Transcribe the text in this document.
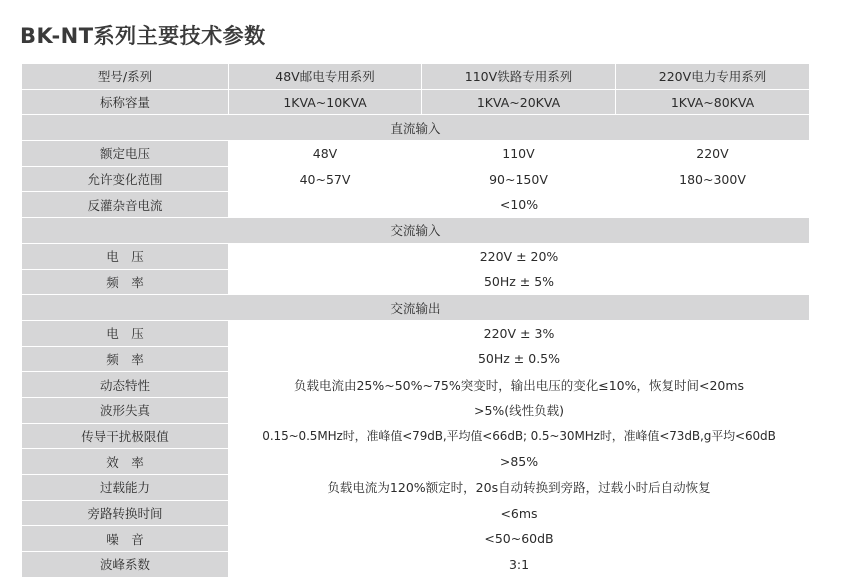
BK-NT系列主要技术参数
型号/系列	48V邮电专用系列	110V铁路专用系列	220V电力专用系列
标称容量	1KVA~10KVA	1KVA~20KVA	1KVA~80KVA
直流输入			
额定电压	48V	110V	220V
允许变化范围	40~57V	90~150V	180~300V
反灌杂音电流	<10%		
交流输入			
电　压	220V ± 20%		
频　率	50Hz ± 5%		
交流输出			
电　压	220V ± 3%		
频　率	50Hz ± 0.5%		
动态特性	负载电流由25%~50%~75%突变时，输出电压的变化≤10%，恢复时间<20ms		
波形失真	>5%(线性负载)		
传导干扰极限值	0.15~0.5MHz时，准峰值<79dB,平均值<66dB; 0.5~30MHz时，准峰值<73dB,g平均<60dB		
效　率	>85%		
过载能力	负载电流为120%额定时，20s自动转换到旁路，过载小时后自动恢复		
旁路转换时间	<6ms		
噪　音	<50~60dB		
波峰系数	3:1		
